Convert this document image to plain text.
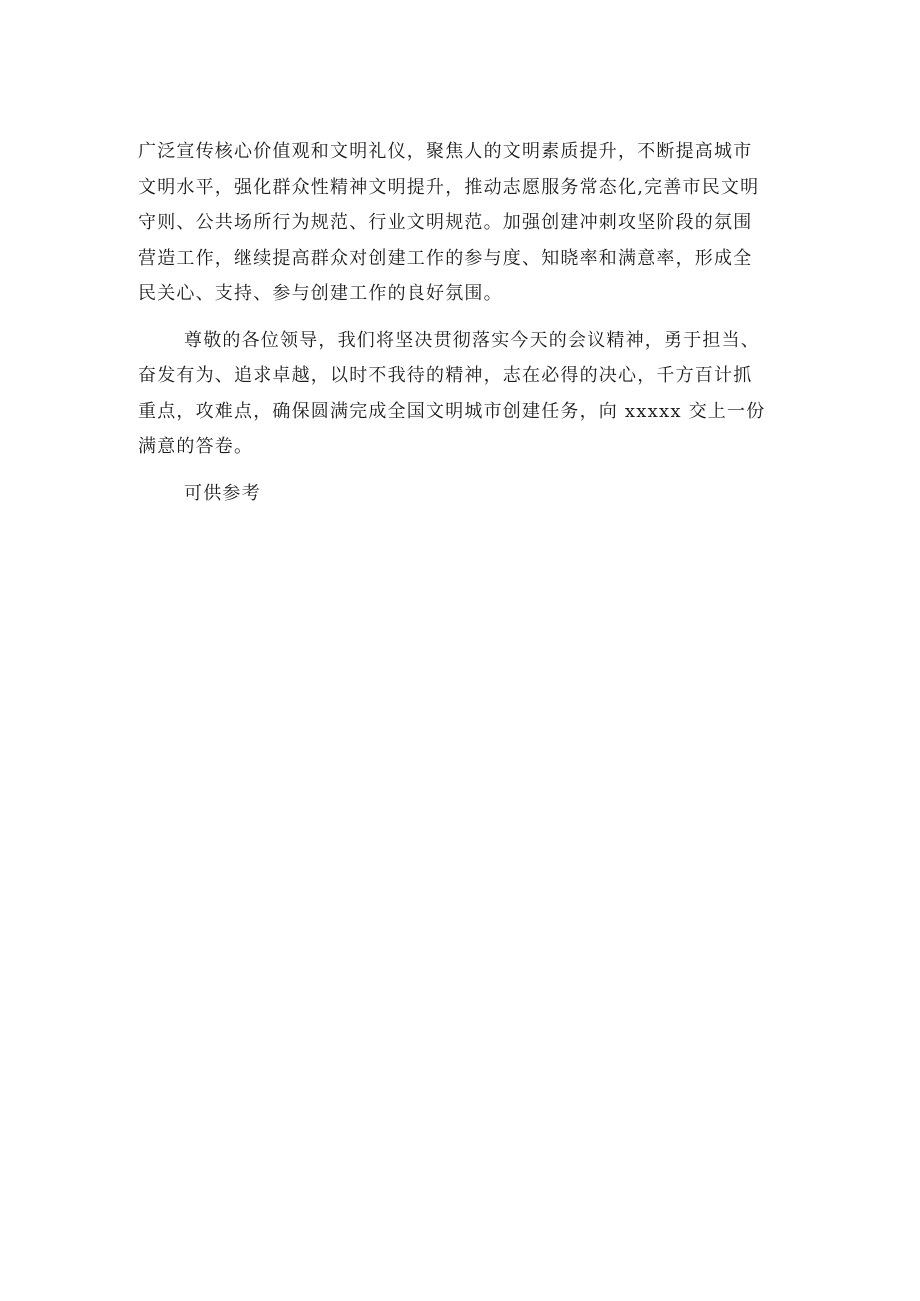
广泛宣传核心价值观和文明礼仪，聚焦人的文明素质提升，不断提高城市
文明水平，强化群众性精神文明提升，推动志愿服务常态化,完善市民文明
守则、公共场所行为规范、行业文明规范。加强创建冲刺攻坚阶段的氛围
营造工作，继续提高群众对创建工作的参与度、知晓率和满意率，形成全
民关心、支持、参与创建工作的良好氛围。

尊敬的各位领导，我们将坚决贯彻落实今天的会议精神，勇于担当、
奋发有为、追求卓越，以时不我待的精神，志在必得的决心，千方百计抓
重点，攻难点，确保圆满完成全国文明城市创建任务，向 xxxxx 交上一份
满意的答卷。

可供参考
